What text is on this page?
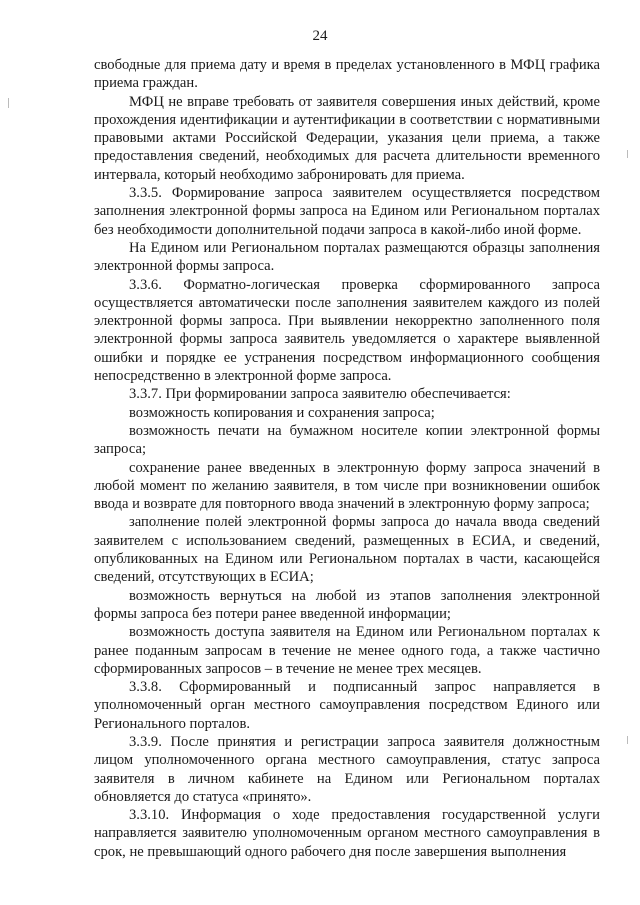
24

свободные для приема дату и время в пределах установленного в МФЦ графика приема граждан.

МФЦ не вправе требовать от заявителя совершения иных действий, кроме прохождения идентификации и аутентификации в соответствии с нормативными правовыми актами Российской Федерации, указания цели приема, а также предоставления сведений, необходимых для расчета длительности временного интервала, который необходимо забронировать для приема.

3.3.5. Формирование запроса заявителем осуществляется посредством заполнения электронной формы запроса на Едином или Региональном порталах без необходимости дополнительной подачи запроса в какой-либо иной форме.

На Едином или Региональном порталах размещаются образцы заполнения электронной формы запроса.

3.3.6. Форматно-логическая проверка сформированного запроса осуществляется автоматически после заполнения заявителем каждого из полей электронной формы запроса. При выявлении некорректно заполненного поля электронной формы запроса заявитель уведомляется о характере выявленной ошибки и порядке ее устранения посредством информационного сообщения непосредственно в электронной форме запроса.

3.3.7. При формировании запроса заявителю обеспечивается:

возможность копирования и сохранения запроса;

возможность печати на бумажном носителе копии электронной формы запроса;

сохранение ранее введенных в электронную форму запроса значений в любой момент по желанию заявителя, в том числе при возникновении ошибок ввода и возврате для повторного ввода значений в электронную форму запроса;

заполнение полей электронной формы запроса до начала ввода сведений заявителем с использованием сведений, размещенных в ЕСИА, и сведений, опубликованных на Едином или Региональном порталах в части, касающейся сведений, отсутствующих в ЕСИА;

возможность вернуться на любой из этапов заполнения электронной формы запроса без потери ранее введенной информации;

возможность доступа заявителя на Едином или Региональном порталах к ранее поданным запросам в течение не менее одного года, а также частично сформированных запросов – в течение не менее трех месяцев.

3.3.8. Сформированный и подписанный запрос направляется в уполномоченный орган местного самоуправления посредством Единого или Регионального порталов.

3.3.9. После принятия и регистрации запроса заявителя должностным лицом уполномоченного органа местного самоуправления, статус запроса заявителя в личном кабинете на Едином или Региональном порталах обновляется до статуса «принято».

3.3.10. Информация о ходе предоставления государственной услуги направляется заявителю уполномоченным органом местного самоуправления в срок, не превышающий одного рабочего дня после завершения выполнения
